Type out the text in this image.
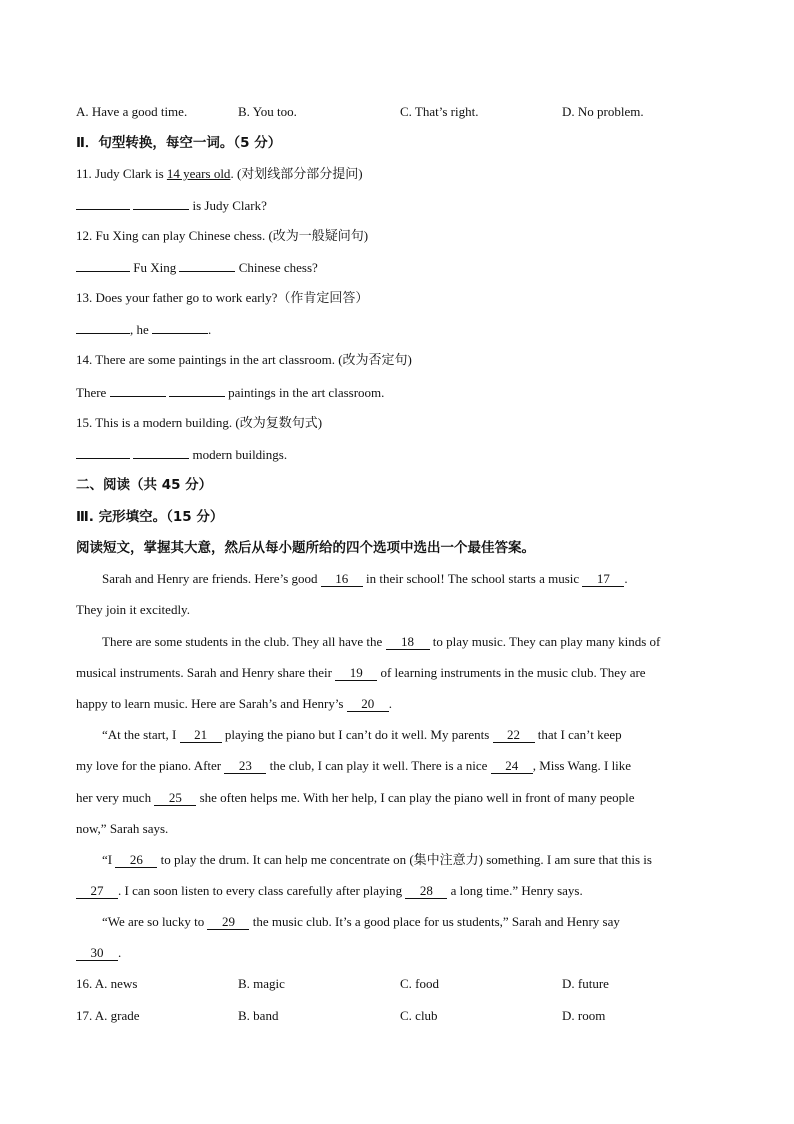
A. Have a good time.	B. You too.	C. That’s right.	D. No problem.
Ⅱ．句型转换，每空一词。（5 分）
11. Judy Clark is 14 years old. (对划线部分部分提问)
is Judy Clark?
12. Fu Xing can play Chinese chess. (改为一般疑问句)
Fu Xing	Chinese chess?
13. Does your father go to work early?（作肯定回答）
, he	.
14. There are some paintings in the art classroom. (改为否定句)
There	paintings in the art classroom.
15. This is a modern building. (改为复数句式)
modern buildings.
二、阅读（共 45 分）
Ⅲ. 完形填空。（15 分）
阅读短文，掌握其大意，然后从每小题所给的四个选项中选出一个最佳答案。
Sarah and Henry are friends. Here’s good 16 in their school! The school starts a music 17 .
They join it excitedly.
There are some students in the club. They all have the 18 to play music. They can play many kinds of
musical instruments. Sarah and Henry share their 19 of learning instruments in the music club. They are
happy to learn music. Here are Sarah’s and Henry’s 20 .
“At the start, I 21 playing the piano but I can’t do it well. My parents 22 that I can’t keep
my love for the piano. After 23 the club, I can play it well. There is a nice 24 , Miss Wang. I like
her very much 25 she often helps me. With her help, I can play the piano well in front of many people
now,” Sarah says.
“I 26 to play the drum. It can help me concentrate on (集中注意力) something. I am sure that this is
27 . I can soon listen to every class carefully after playing 28 a long time.” Henry says.
“We are so lucky to 29 the music club. It’s a good place for us students,” Sarah and Henry say
30 .
16. A. news	B. magic	C. food	D. future
17. A. grade	B. band	C. club	D. room
